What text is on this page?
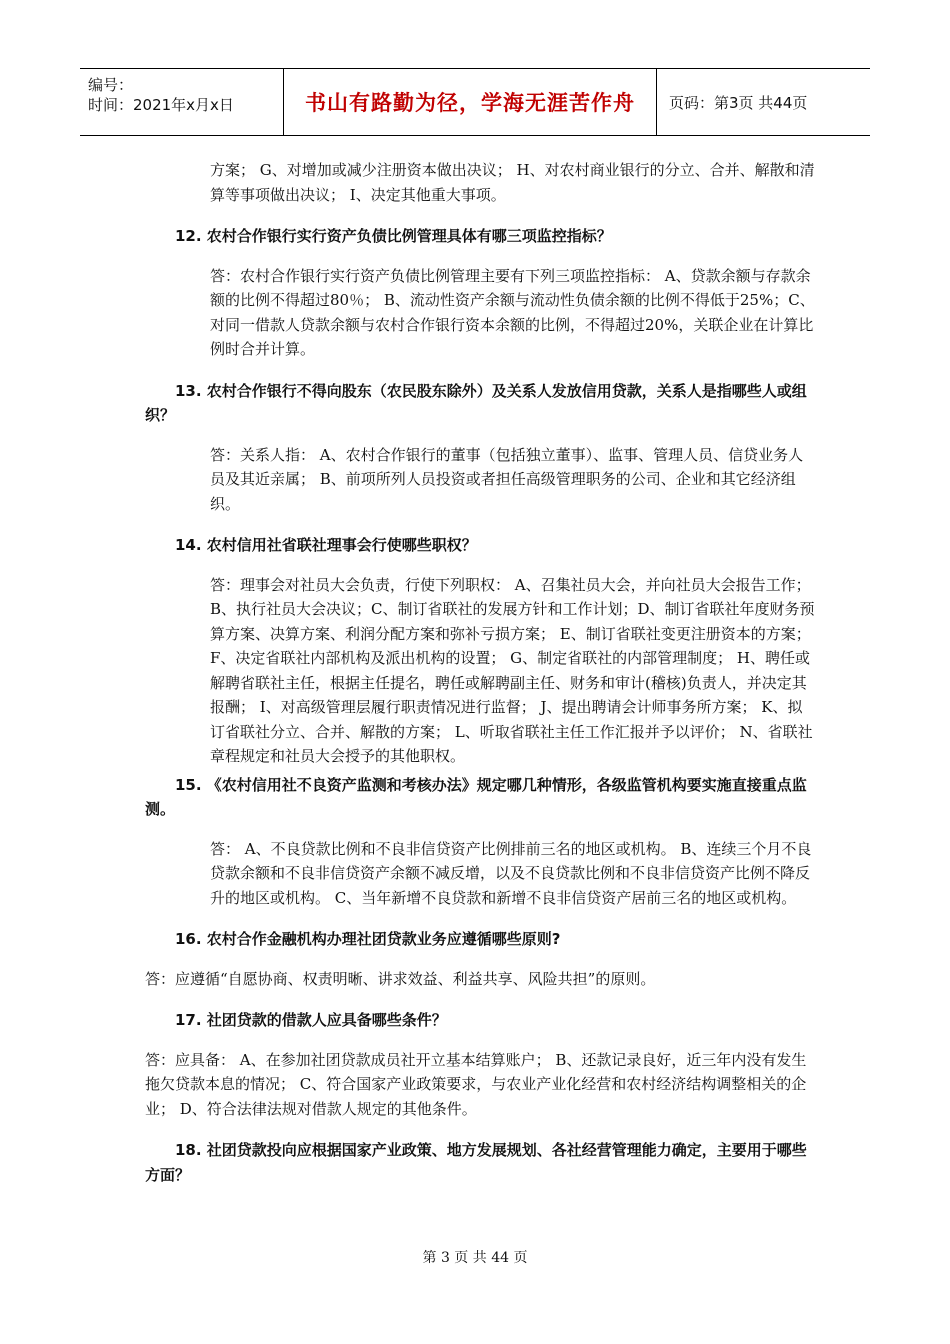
编号：
时间：2021年x月x日	书山有路勤为径，学海无涯苦作舟 页码：第3页 共44页

方案； G、对增加或减少注册资本做出决议； H、对农村商业银行的分立、合并、解散和清算等事项做出决议； I、决定其他重大事项。

12. 农村合作银行实行资产负债比例管理具体有哪三项监控指标？

答：农村合作银行实行资产负债比例管理主要有下列三项监控指标： A、贷款余额与存款余额的比例不得超过80％； B、流动性资产余额与流动性负债余额的比例不得低于25%；C、对同一借款人贷款余额与农村合作银行资本余额的比例，不得超过20%，关联企业在计算比例时合并计算。

13. 农村合作银行不得向股东（农民股东除外）及关系人发放信用贷款，关系人是指哪些人或组织？

答：关系人指： A、农村合作银行的董事（包括独立董事）、监事、管理人员、信贷业务人员及其近亲属； B、前项所列人员投资或者担任高级管理职务的公司、企业和其它经济组织。

14. 农村信用社省联社理事会行使哪些职权？

答：理事会对社员大会负责，行使下列职权： A、召集社员大会，并向社员大会报告工作； B、执行社员大会决议；C、制订省联社的发展方针和工作计划；D、制订省联社年度财务预算方案、决算方案、利润分配方案和弥补亏损方案； E、制订省联社变更注册资本的方案； F、决定省联社内部机构及派出机构的设置； G、制定省联社的内部管理制度； H、聘任或解聘省联社主任，根据主任提名，聘任或解聘副主任、财务和审计(稽核)负责人，并决定其报酬； I、对高级管理层履行职责情况进行监督； J、提出聘请会计师事务所方案； K、拟订省联社分立、合并、解散的方案； L、听取省联社主任工作汇报并予以评价； N、省联社章程规定和社员大会授予的其他职权。

15. 《农村信用社不良资产监测和考核办法》规定哪几种情形，各级监管机构要实施直接重点监测。

答： A、不良贷款比例和不良非信贷资产比例排前三名的地区或机构。 B、连续三个月不良贷款余额和不良非信贷资产余额不减反增，以及不良贷款比例和不良非信贷资产比例不降反升的地区或机构。 C、当年新增不良贷款和新增不良非信贷资产居前三名的地区或机构。

16. 农村合作金融机构办理社团贷款业务应遵循哪些原则?

答：应遵循“自愿协商、权责明晰、讲求效益、利益共享、风险共担”的原则。

17. 社团贷款的借款人应具备哪些条件？

答：应具备： A、在参加社团贷款成员社开立基本结算账户； B、还款记录良好，近三年内没有发生拖欠贷款本息的情况； C、符合国家产业政策要求，与农业产业化经营和农村经济结构调整相关的企业； D、符合法律法规对借款人规定的其他条件。

18. 社团贷款投向应根据国家产业政策、地方发展规划、各社经营管理能力确定，主要用于哪些方面？

第 3 页 共 44 页
